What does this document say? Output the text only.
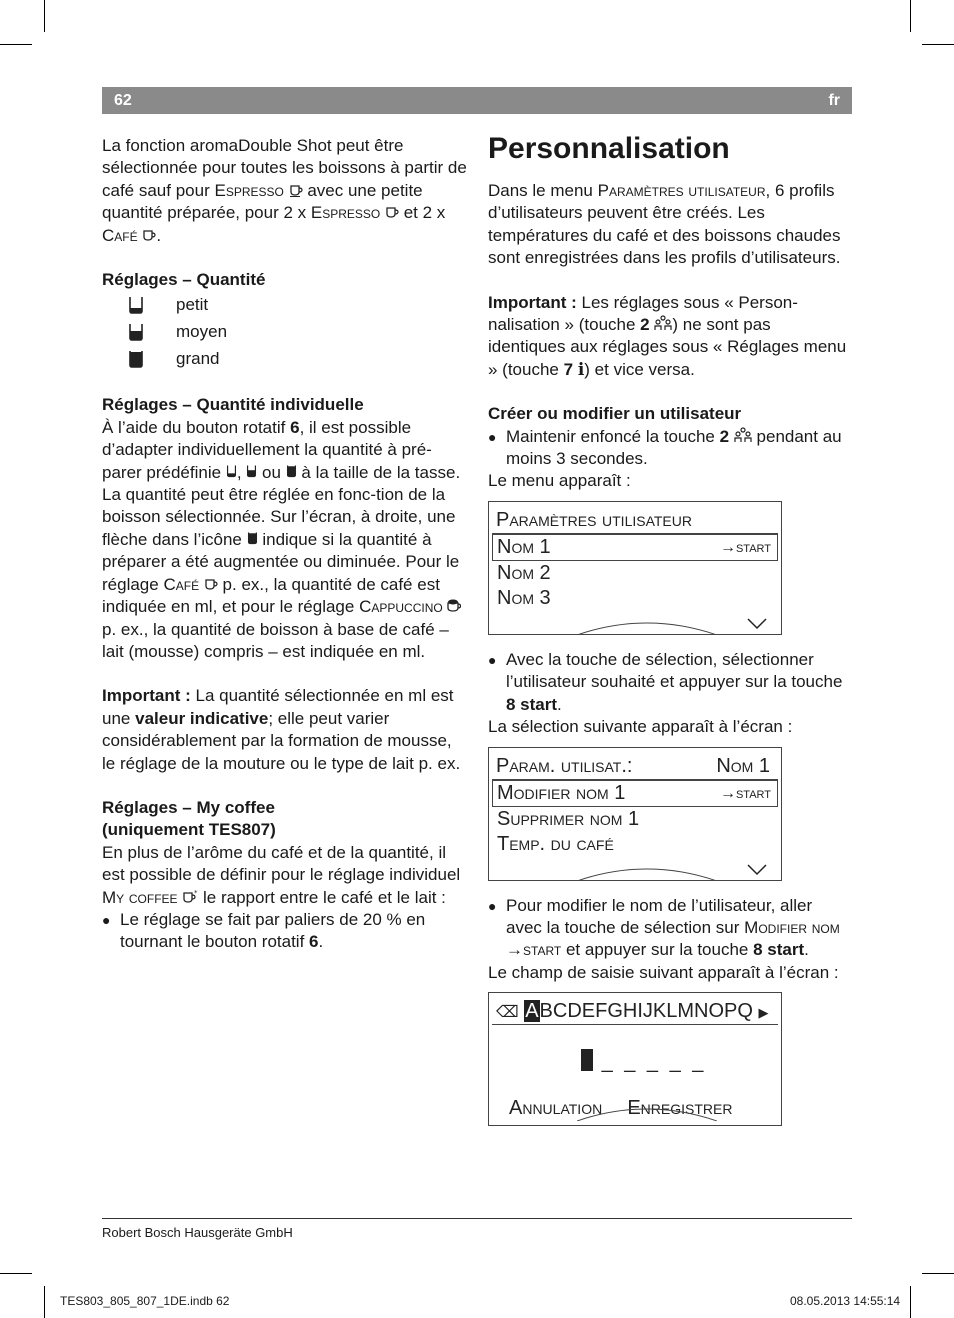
62	fr

La fonction aromaDouble Shot peut être sélectionnée pour toutes les boissons à partir de café sauf pour Espresso avec une petite quantité préparée, pour 2 x Espresso et 2 x Café .

Réglages – Quantité

petit
moyen
grand

Réglages – Quantité individuelle

À l’aide du bouton rotatif 6, il est possible d’adapter individuellement la quantité à pré-parer prédéfinie , ou à la taille de la tasse. La quantité peut être réglée en fonc-tion de la boisson sélectionnée. Sur l’écran, à droite, une flèche dans l’icône indique si la quantité à préparer a été augmentée ou diminuée. Pour le réglage Café p. ex., la quantité de café est indiquée en ml, et pour le réglage Cappuccino  p. ex., la quantité de boisson à base de café – lait (mousse) compris – est indiquée en ml.

Important : La quantité sélectionnée en ml est une valeur indicative; elle peut varier considérablement par la formation de mousse, le réglage de la mouture ou le type de lait p. ex.

Réglages – My coffee

(uniquement TES807)

En plus de l’arôme du café et de la quantité, il est possible de définir pour le réglage individuel My coffee * le rapport entre le café et le lait :

● Le réglage se fait par paliers de 20 % en tournant le bouton rotatif 6.

Personnalisation

Dans le menu Paramètres utilisateur, 6 profils d’utilisateurs peuvent être créés. Les températures du café et des boissons chaudes sont enregistrées dans les profils d’utilisateurs.

Important : Les réglages sous « Person-nalisation » (touche 2 ) ne sont pas identiques aux réglages sous « Réglages menu » (touche 7 i) et vice versa.

Créer ou modifier un utilisateur

● Maintenir enfoncé la touche 2 pendant au moins 3 secondes.

Le menu apparaît :

Paramètres utilisateur
Nom 1	→start
Nom 2
Nom 3

● Avec la touche de sélection, sélectionner l’utilisateur souhaité et appuyer sur la touche 8 start.

La sélection suivante apparaît à l’écran :

Param. utilisat.:	Nom 1
Modifier nom 1	→start
Supprimer nom 1
Temp. du café

● Pour modifier le nom de l’utilisateur, aller avec la touche de sélection sur Modifier nom →start et appuyer sur la touche 8 start.

Le champ de saisie suivant apparaît à l’écran :

⌫ ABCDEFGHIJKLMNOPQ ▶
_ _ _ _ _
Annulation Enregistrer
Robert Bosch Hausgeräte GmbH
TES803_805_807_1DE.indb 62	08.05.2013 14:55:14
